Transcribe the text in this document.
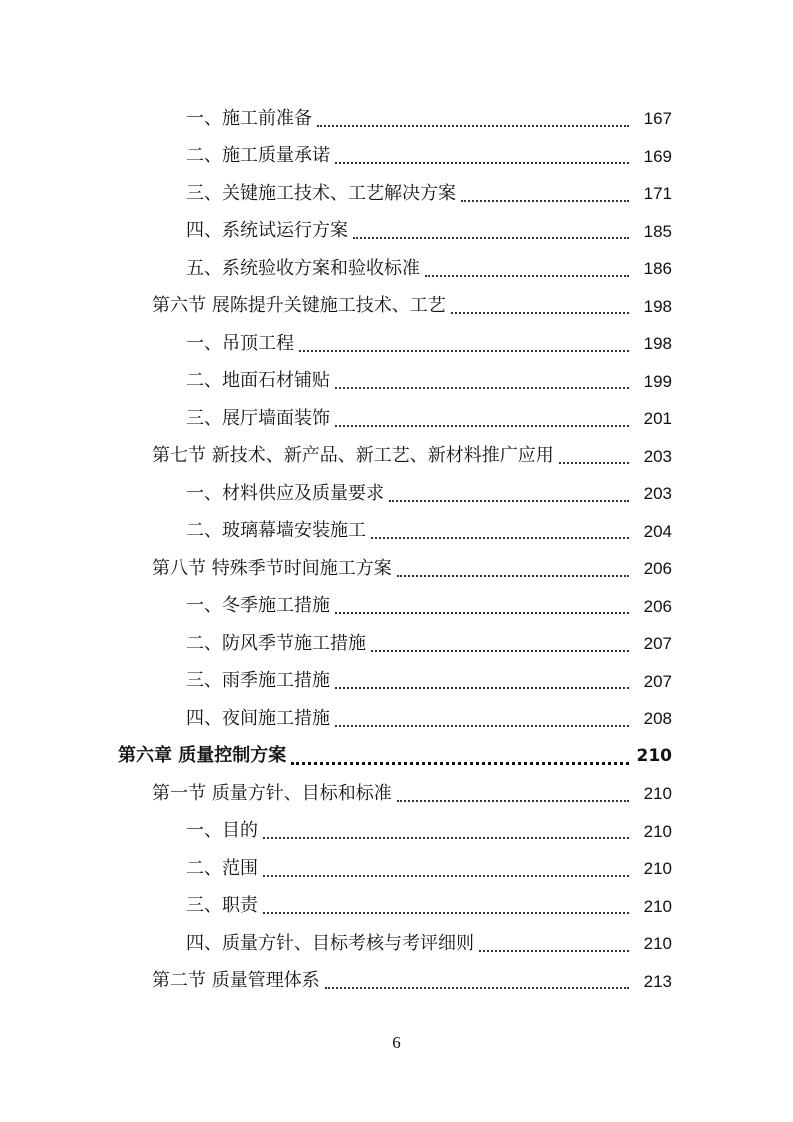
一、施工前准备	167
二、施工质量承诺	169
三、关键施工技术、工艺解决方案	171
四、系统试运行方案	185
五、系统验收方案和验收标准	186
第六节 展陈提升关键施工技术、工艺	198
一、吊顶工程	198
二、地面石材铺贴	199
三、展厅墙面装饰	201
第七节 新技术、新产品、新工艺、新材料推广应用	203
一、材料供应及质量要求	203
二、玻璃幕墙安装施工	204
第八节 特殊季节时间施工方案	206
一、冬季施工措施	206
二、防风季节施工措施	207
三、雨季施工措施	207
四、夜间施工措施	208
第六章 质量控制方案	210
第一节 质量方针、目标和标准	210
一、目的	210
二、范围	210
三、职责	210
四、质量方针、目标考核与考评细则	210
第二节 质量管理体系	213
6
